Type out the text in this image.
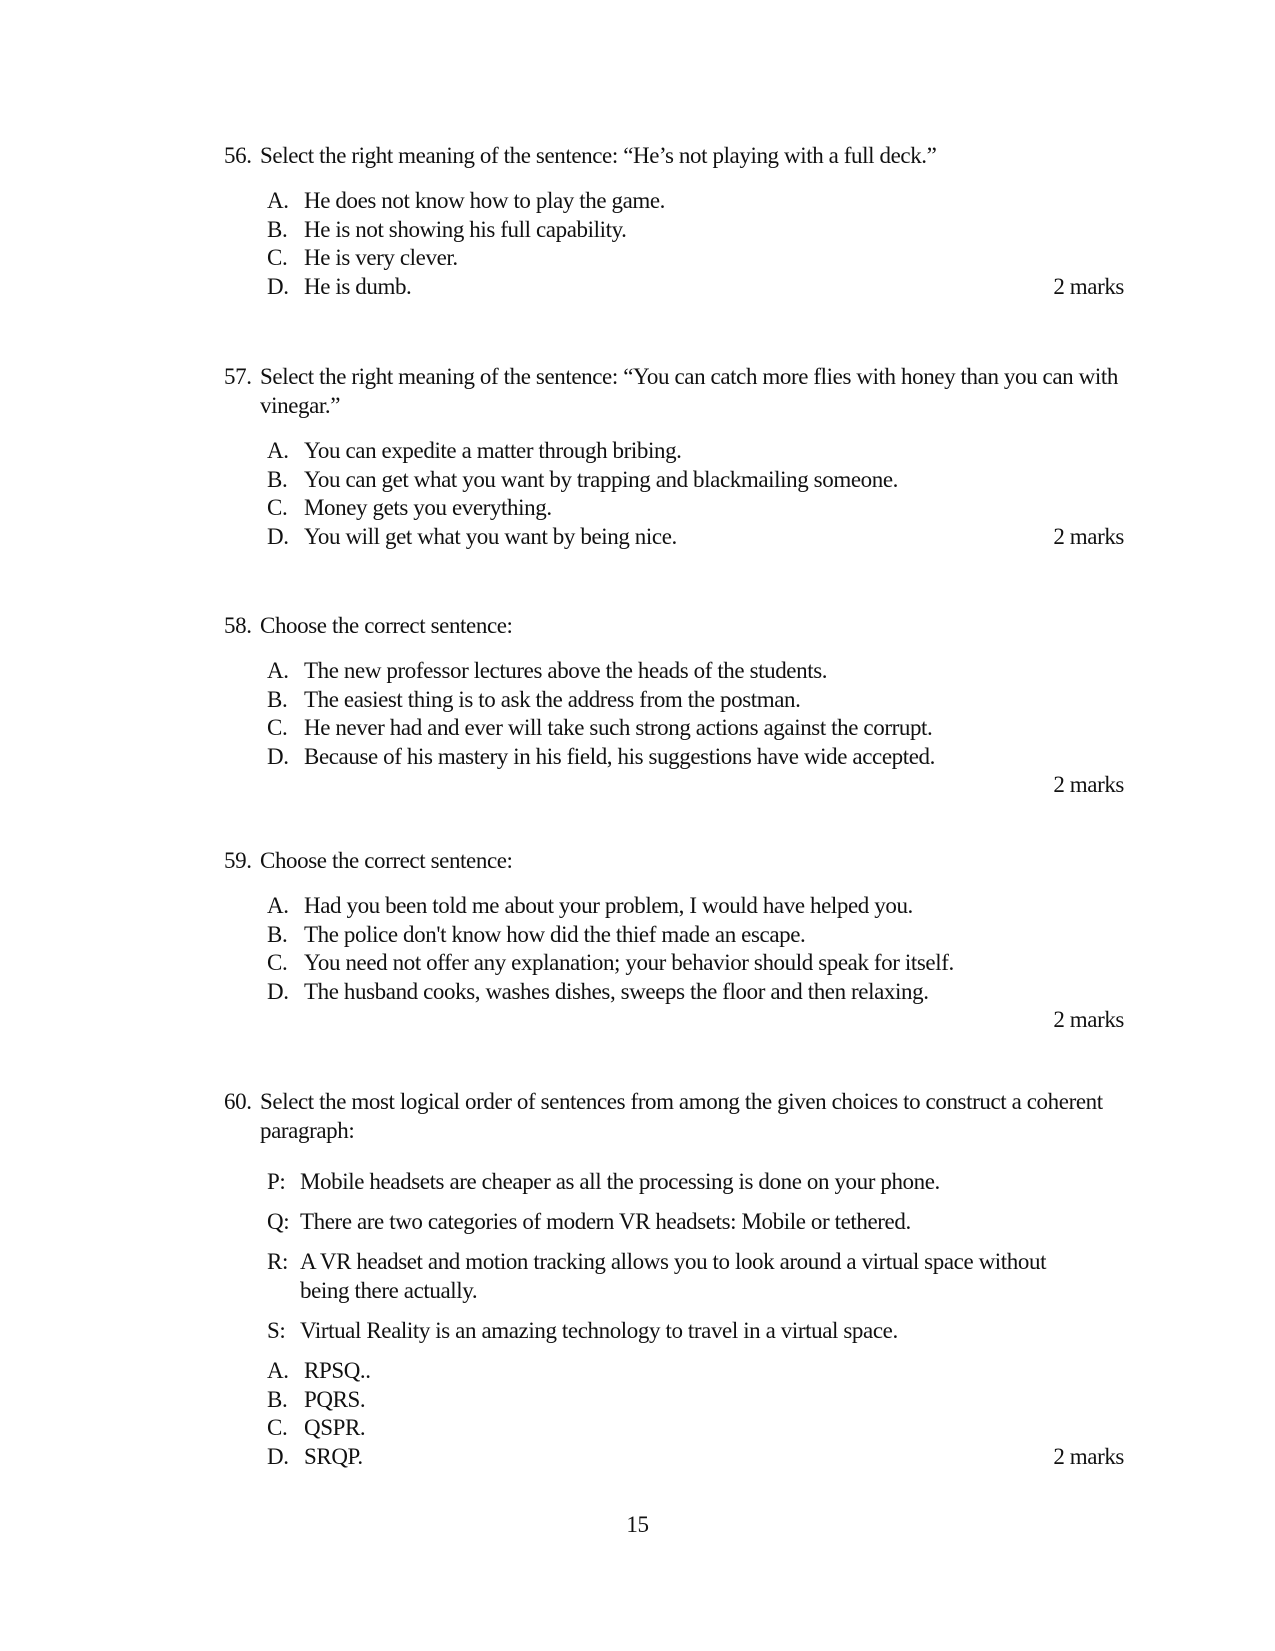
56. Select the right meaning of the sentence: “He’s not playing with a full deck.”
A. He does not know how to play the game.
B. He is not showing his full capability.
C. He is very clever.
D. He is dumb.	2 marks
57. Select the right meaning of the sentence: “You can catch more flies with honey than you can with vinegar.”
A. You can expedite a matter through bribing.
B. You can get what you want by trapping and blackmailing someone.
C. Money gets you everything.
D. You will get what you want by being nice.	2 marks
58. Choose the correct sentence:
A. The new professor lectures above the heads of the students.
B. The easiest thing is to ask the address from the postman.
C. He never had and ever will take such strong actions against the corrupt.
D. Because of his mastery in his field, his suggestions have wide accepted.
2 marks
59. Choose the correct sentence:
A. Had you been told me about your problem, I would have helped you.
B. The police don't know how did the thief made an escape.
C. You need not offer any explanation; your behavior should speak for itself.
D. The husband cooks, washes dishes, sweeps the floor and then relaxing.
2 marks
60. Select the most logical order of sentences from among the given choices to construct a coherent paragraph:
P: Mobile headsets are cheaper as all the processing is done on your phone.
Q: There are two categories of modern VR headsets: Mobile or tethered.
R: A VR headset and motion tracking allows you to look around a virtual space without being there actually.
S: Virtual Reality is an amazing technology to travel in a virtual space.
A. RPSQ..
B. PQRS.
C. QSPR.
D. SRQP.	2 marks
15
